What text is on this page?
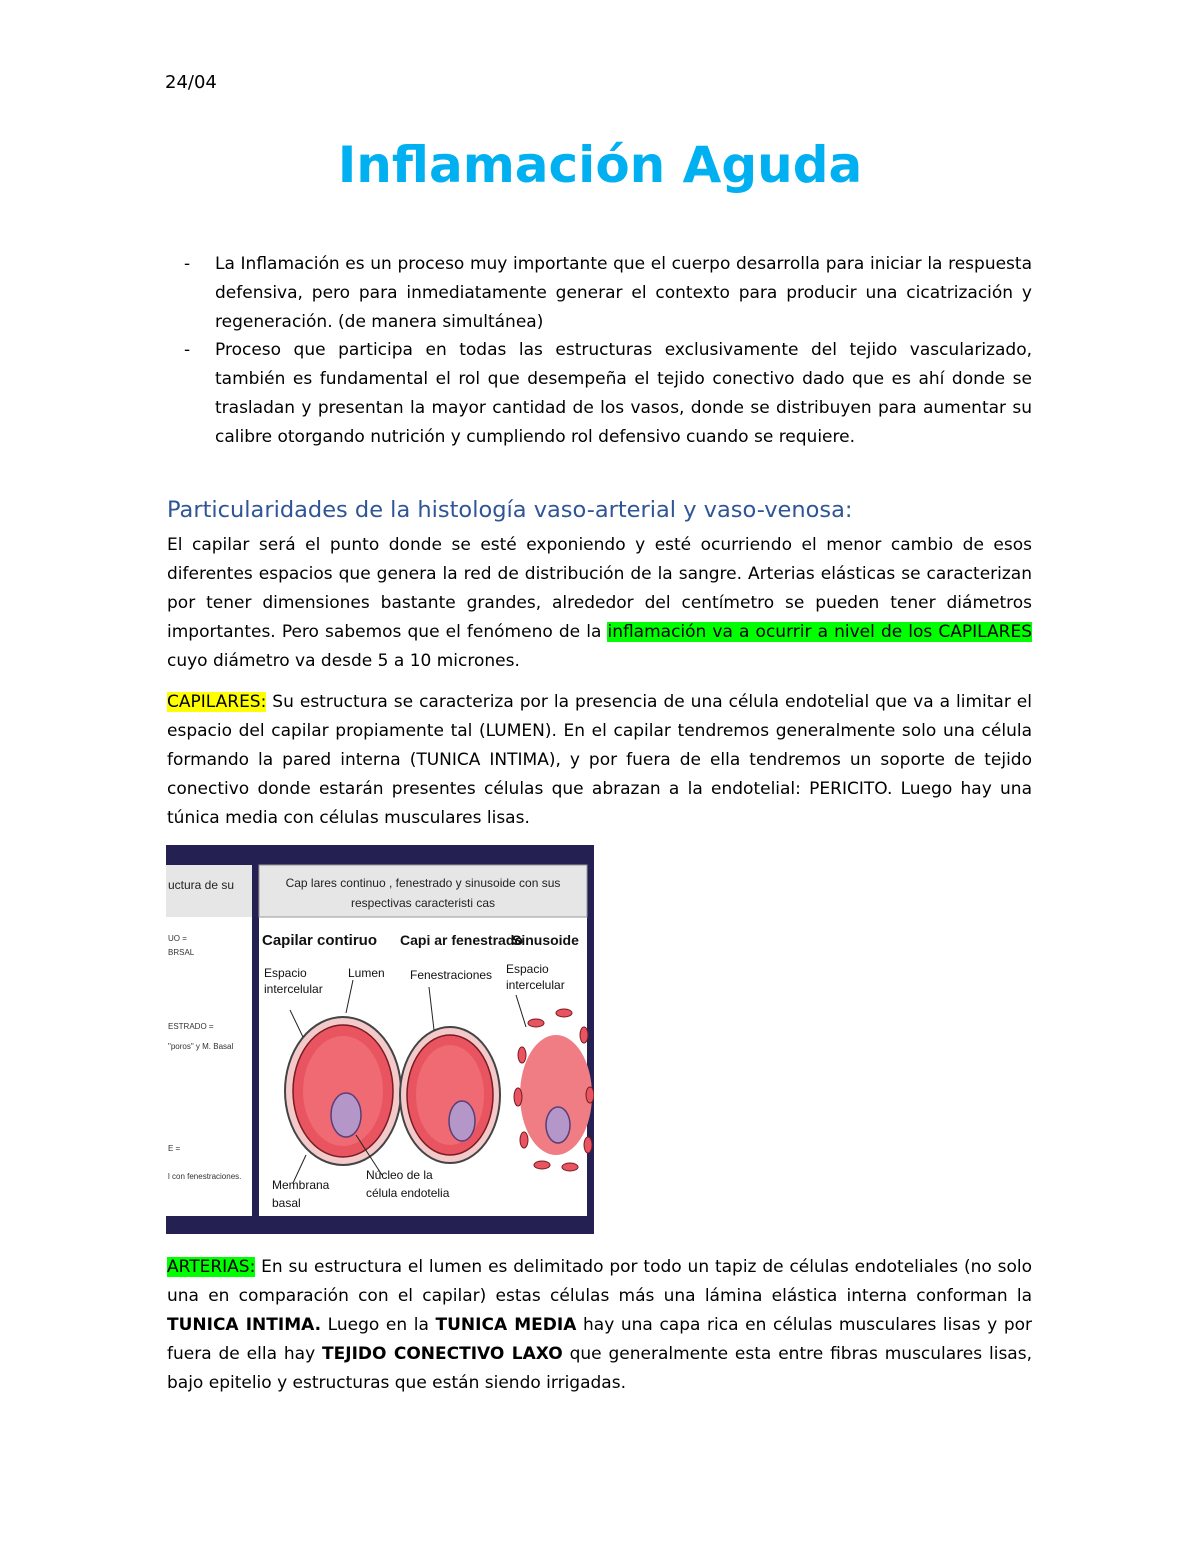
24/04
Inflamación Aguda
- La Inflamación es un proceso muy importante que el cuerpo desarrolla para iniciar la respuesta defensiva, pero para inmediatamente generar el contexto para producir una cicatrización y regeneración. (de manera simultánea)

- Proceso que participa en todas las estructuras exclusivamente del tejido vascularizado, también es fundamental el rol que desempeña el tejido conectivo dado que es ahí donde se trasladan y presentan la mayor cantidad de los vasos, donde se distribuyen para aumentar su calibre otorgando nutrición y cumpliendo rol defensivo cuando se requiere.

Particularidades de la histología vaso-arterial y vaso-venosa:

El capilar será el punto donde se esté exponiendo y esté ocurriendo el menor cambio de esos diferentes espacios que genera la red de distribución de la sangre. Arterias elásticas se caracterizan por tener dimensiones bastante grandes, alrededor del centímetro se pueden tener diámetros importantes. Pero sabemos que el fenómeno de la inflamación va a ocurrir a nivel de los CAPILARES cuyo diámetro va desde 5 a 10 micrones.

CAPILARES: Su estructura se caracteriza por la presencia de una célula endotelial que va a limitar el espacio del capilar propiamente tal (LUMEN). En el capilar tendremos generalmente solo una célula formando la pared interna (TUNICA INTIMA), y por fuera de ella tendremos un soporte de tejido conectivo donde estarán presentes células que abrazan a la endotelial: PERICITO. Luego hay una túnica media con células musculares lisas.

uctura de su	Cap lares continuo , fenestrado y sinusoide con sus
respectivas caracteristi cas
UO =
BRSAL
ESTRADO =
"poros" y M. Basal
E =
l con fenestraciones.
Capilar contiruo Capi ar fenestrado
Sinusoide
Espacio
intercelular
Lumen Fenestraciones Espacio
intercelular
Membrana
basal
Núcleo de la
célula endotelia

ARTERIAS: En su estructura el lumen es delimitado por todo un tapiz de células endoteliales (no solo una en comparación con el capilar) estas células más una lámina elástica interna conforman la TUNICA INTIMA. Luego en la TUNICA MEDIA hay una capa rica en células musculares lisas y por fuera de ella hay TEJIDO CONECTIVO LAXO que generalmente esta entre fibras musculares lisas, bajo epitelio y estructuras que están siendo irrigadas.
